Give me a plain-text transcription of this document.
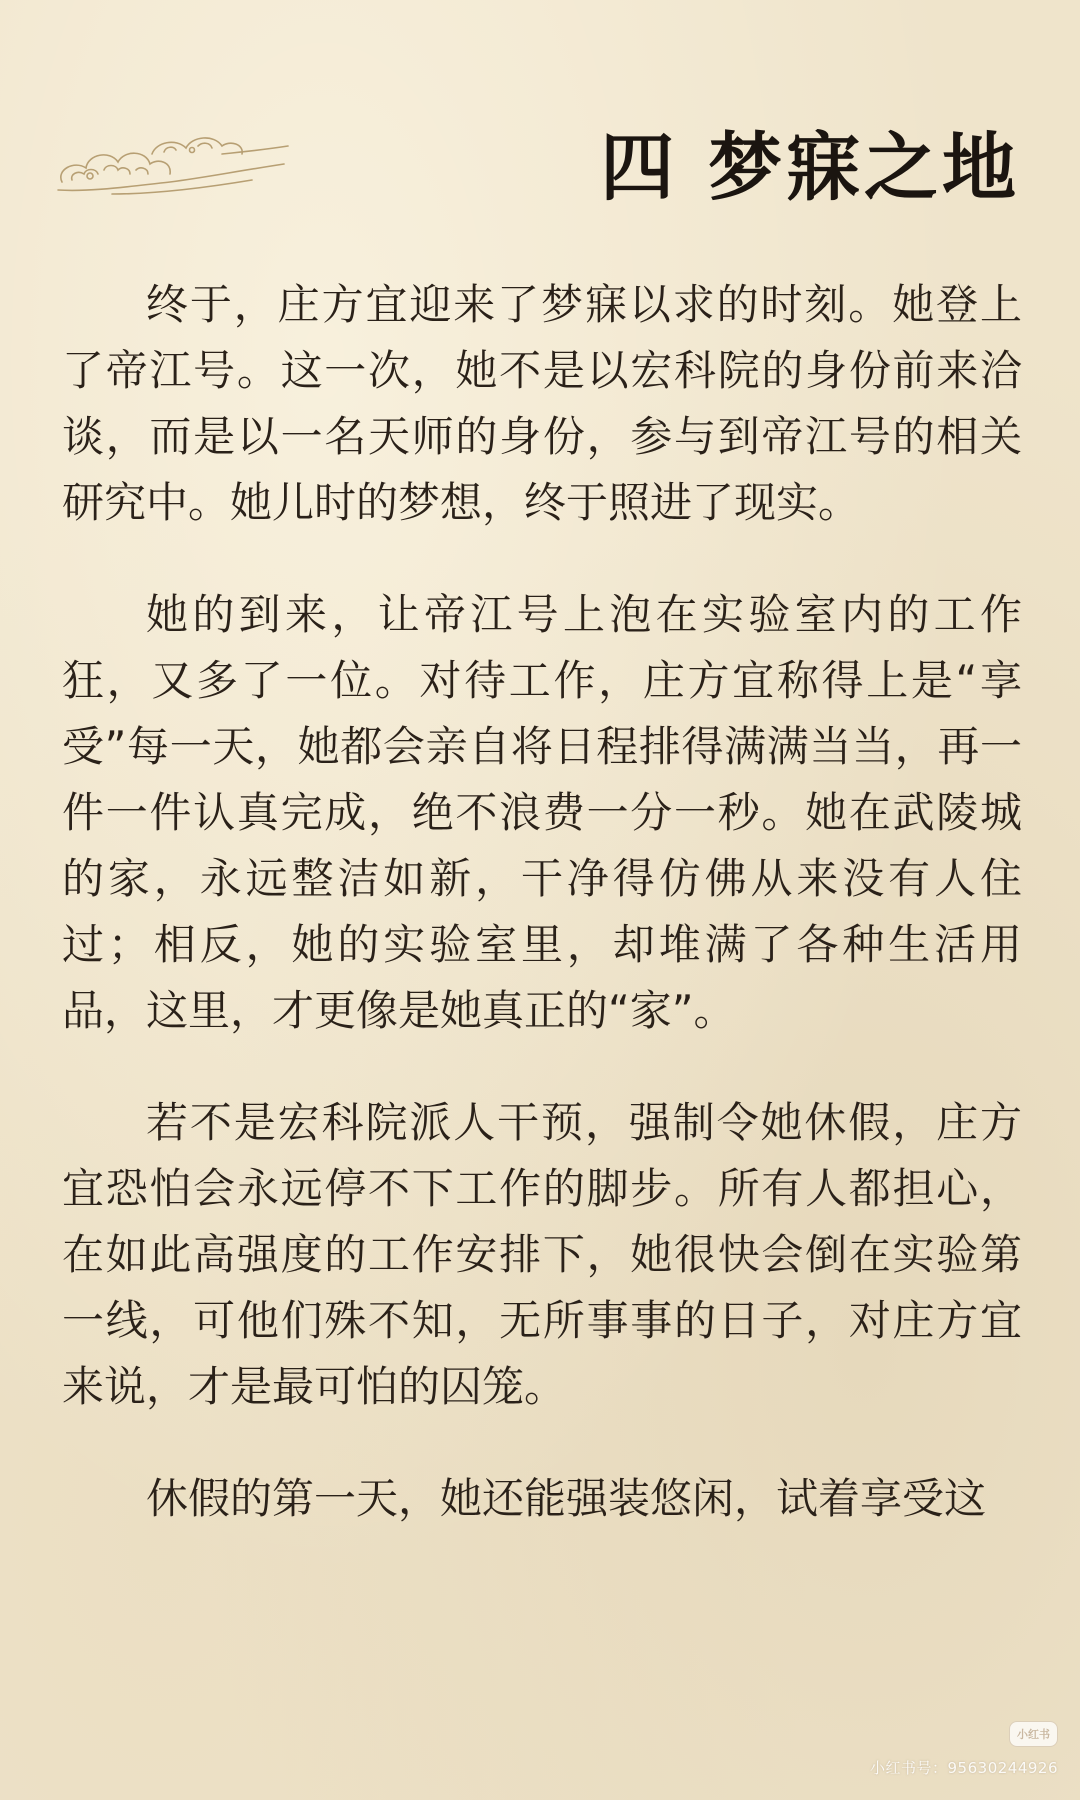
四 梦寐之地

终于，庄方宜迎来了梦寐以求的时刻。她登上了帝江号。这一次，她不是以宏科院的身份前来洽谈，而是以一名天师的身份，参与到帝江号的相关研究中。她儿时的梦想，终于照进了现实。

她的到来，让帝江号上泡在实验室内的工作狂，又多了一位。对待工作，庄方宜称得上是“享受”每一天，她都会亲自将日程排得满满当当，再一件一件认真完成，绝不浪费一分一秒。她在武陵城的家，永远整洁如新，干净得仿佛从来没有人住过；相反，她的实验室里，却堆满了各种生活用品，这里，才更像是她真正的“家”。

若不是宏科院派人干预，强制令她休假，庄方宜恐怕会永远停不下工作的脚步。所有人都担心，在如此高强度的工作安排下，她很快会倒在实验第一线，可他们殊不知，无所事事的日子，对庄方宜来说，才是最可怕的囚笼。

休假的第一天，她还能强装悠闲，试着享受这

小红书
小红书号：95630244926
